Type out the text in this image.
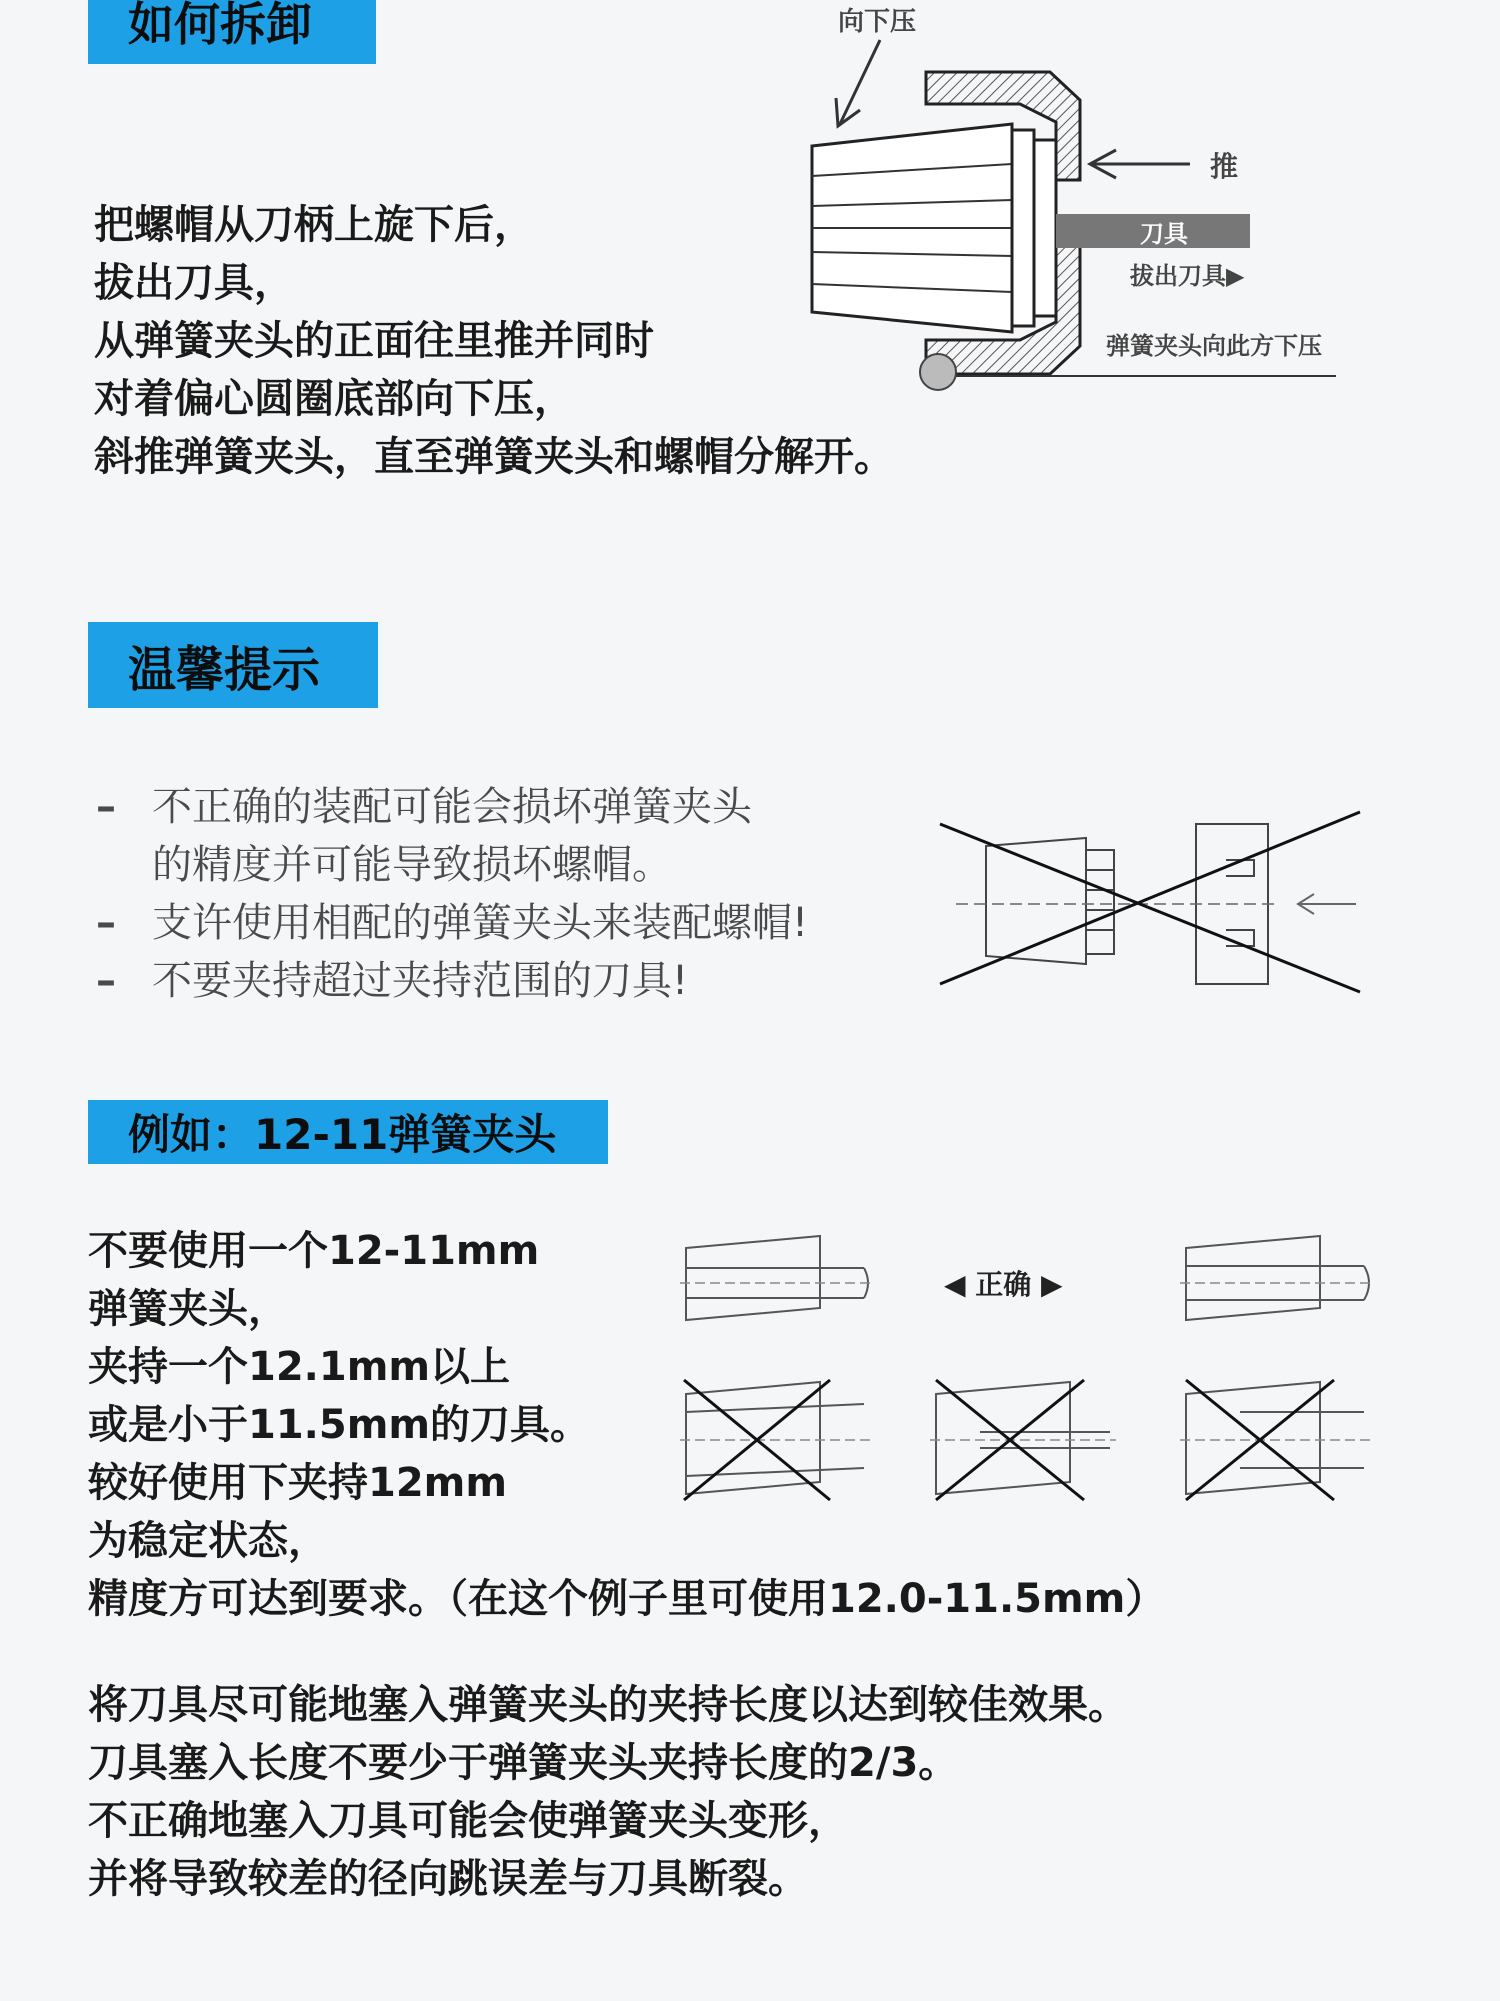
如何拆卸

把螺帽从刀柄上旋下后，

拔出刀具，

从弹簧夹头的正面往里推并同时

对着偏心圆圈底部向下压，

斜推弹簧夹头，直至弹簧夹头和螺帽分解开。

向下压
刀具
拔出刀具▶
推
弹簧夹头向此方下压
温馨提示
– 不正确的装配可能会损坏弹簧夹头
的精度并可能导致损坏螺帽。
– 支许使用相配的弹簧夹头来装配螺帽!
– 不要夹持超过夹持范围的刀具!
例如：12-11弹簧夹头

不要使用一个12-11mm

弹簧夹头，

夹持一个12.1mm以上

或是小于11.5mm的刀具。

较好使用下夹持12mm

为稳定状态，

精度方可达到要求。（在这个例子里可使用12.0-11.5mm）

◀ 正确 ▶

将刀具尽可能地塞入弹簧夹头的夹持长度以达到较佳效果。

刀具塞入长度不要少于弹簧夹头夹持长度的2/3。

不正确地塞入刀具可能会使弹簧夹头变形，

并将导致较差的径向跳误差与刀具断裂。
